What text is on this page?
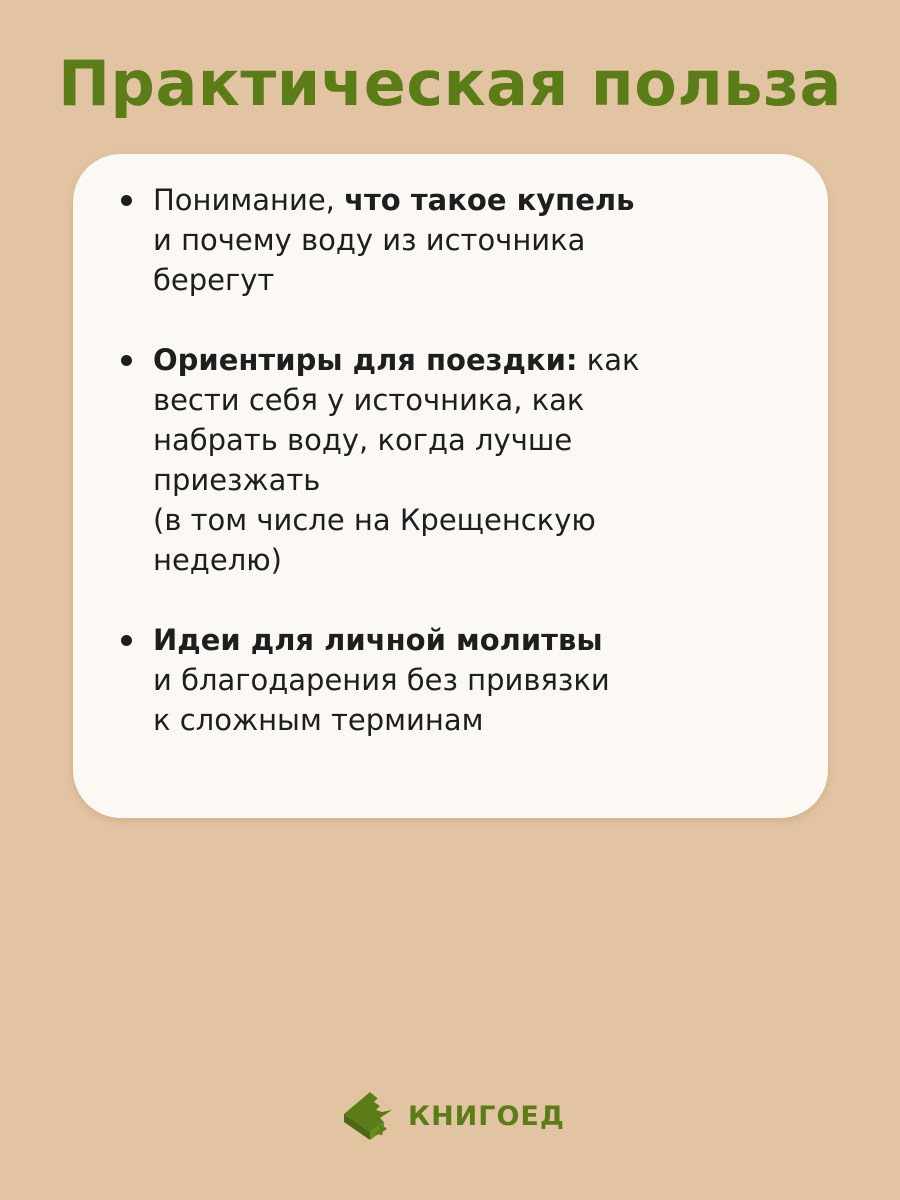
Практическая польза
Понимание, что такое купель
и почему воду из источника
берегут
Ориентиры для поездки: как
вести себя у источника, как
набрать воду, когда лучше
приезжать
(в том числе на Крещенскую
неделю)
Идеи для личной молитвы
и благодарения без привязки
к сложным терминам
КНИГОЕД
